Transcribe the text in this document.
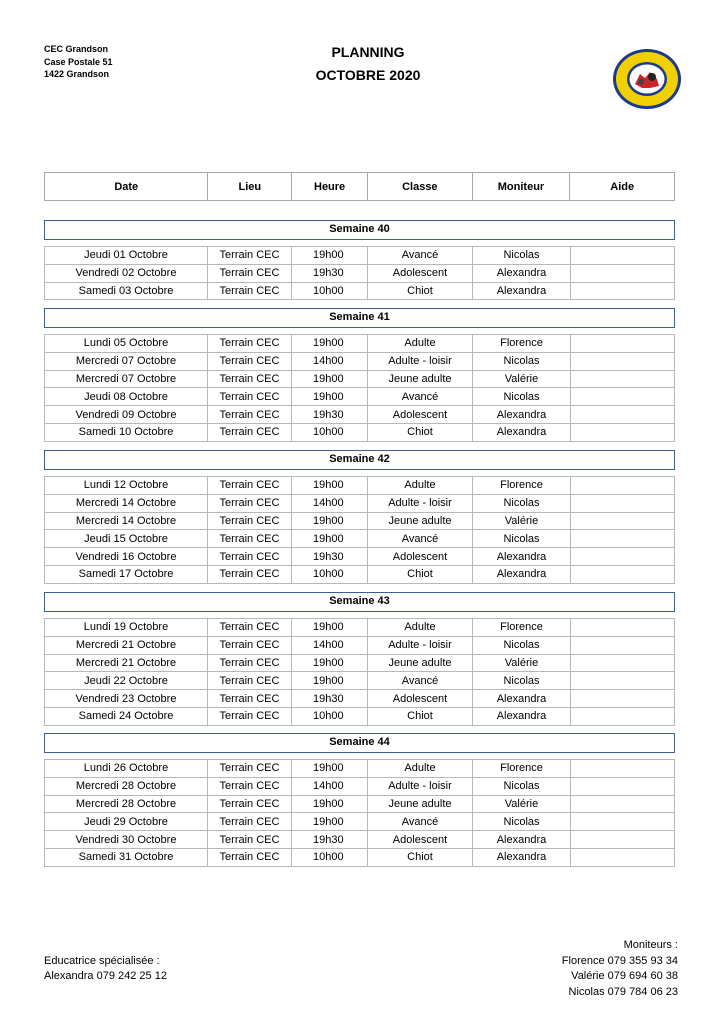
CEC Grandson
Case Postale 51
1422 Grandson
PLANNING
OCTOBRE 2020
Date	Lieu	Heure	Classe	Moniteur	Aide
Semaine 40
Jeudi 01 Octobre	Terrain CEC	19h00	Avancé	Nicolas
Vendredi 02 Octobre	Terrain CEC	19h30	Adolescent	Alexandra
Samedi 03 Octobre	Terrain CEC	10h00	Chiot	Alexandra
Semaine 41
Lundi 05 Octobre	Terrain CEC	19h00	Adulte	Florence
Mercredi 07 Octobre	Terrain CEC	14h00	Adulte - loisir	Nicolas
Mercredi 07 Octobre	Terrain CEC	19h00	Jeune adulte	Valérie
Jeudi 08 Octobre	Terrain CEC	19h00	Avancé	Nicolas
Vendredi 09 Octobre	Terrain CEC	19h30	Adolescent	Alexandra
Samedi 10 Octobre	Terrain CEC	10h00	Chiot	Alexandra
Semaine 42
Lundi 12 Octobre	Terrain CEC	19h00	Adulte	Florence
Mercredi 14 Octobre	Terrain CEC	14h00	Adulte - loisir	Nicolas
Mercredi 14 Octobre	Terrain CEC	19h00	Jeune adulte	Valérie
Jeudi 15 Octobre	Terrain CEC	19h00	Avancé	Nicolas
Vendredi 16 Octobre	Terrain CEC	19h30	Adolescent	Alexandra
Samedi 17 Octobre	Terrain CEC	10h00	Chiot	Alexandra
Semaine 43
Lundi 19 Octobre	Terrain CEC	19h00	Adulte	Florence
Mercredi 21 Octobre	Terrain CEC	14h00	Adulte - loisir	Nicolas
Mercredi 21 Octobre	Terrain CEC	19h00	Jeune adulte	Valérie
Jeudi 22 Octobre	Terrain CEC	19h00	Avancé	Nicolas
Vendredi 23 Octobre	Terrain CEC	19h30	Adolescent	Alexandra
Samedi 24 Octobre	Terrain CEC	10h00	Chiot	Alexandra
Semaine 44
Lundi 26 Octobre	Terrain CEC	19h00	Adulte	Florence
Mercredi 28 Octobre	Terrain CEC	14h00	Adulte - loisir	Nicolas
Mercredi 28 Octobre	Terrain CEC	19h00	Jeune adulte	Valérie
Jeudi 29 Octobre	Terrain CEC	19h00	Avancé	Nicolas
Vendredi 30 Octobre	Terrain CEC	19h30	Adolescent	Alexandra
Samedi 31 Octobre	Terrain CEC	10h00	Chiot	Alexandra
Educatrice spécialisée :
Alexandra 079 242 25 12
Moniteurs :
Florence 079 355 93 34
Valérie 079 694 60 38
Nicolas 079 784 06 23
